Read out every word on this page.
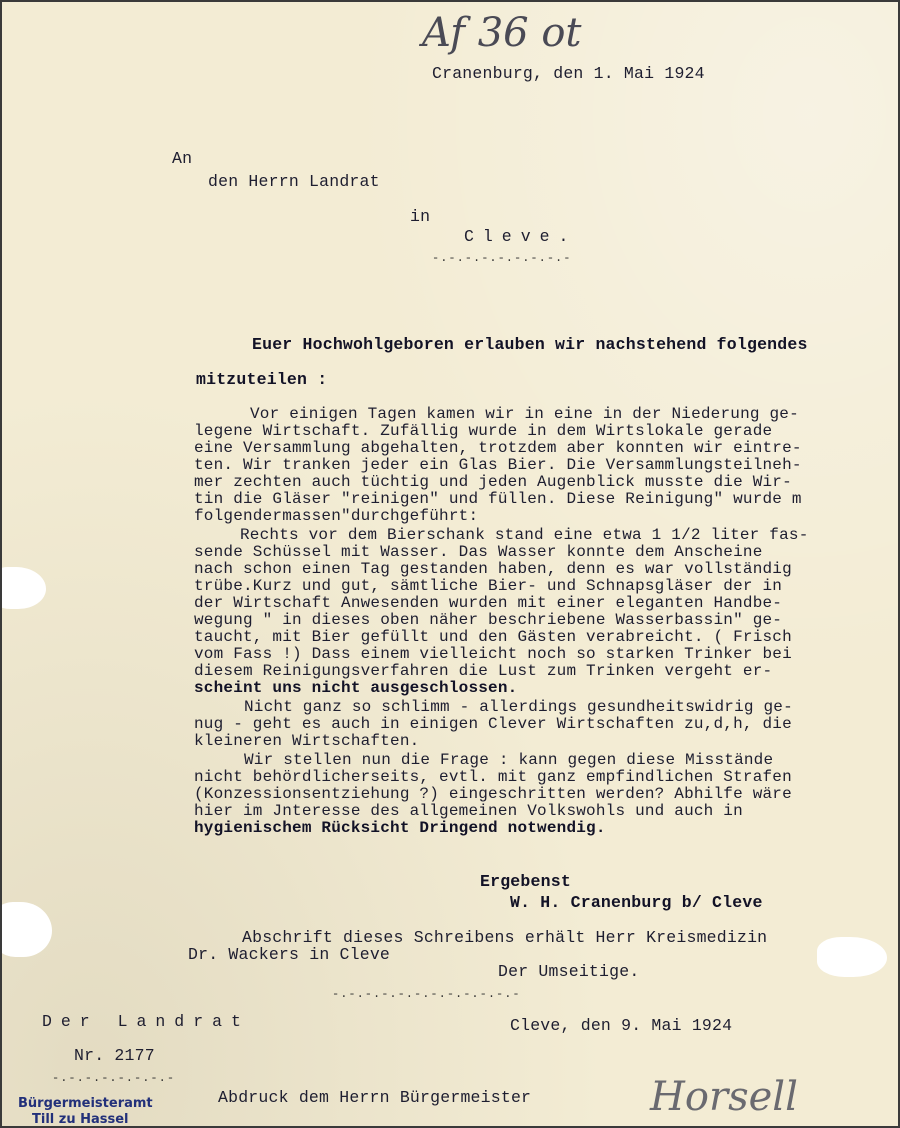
Af 36 ot
Cranenburg, den 1. Mai 1924
An
den Herrn Landrat
in
Cleve.
-.-.-.-.-.-.-.-.-
Euer Hochwohlgeboren erlauben wir nachstehend folgendes
mitzuteilen :
Vor einigen Tagen kamen wir in eine in der Niederung ge-
legene Wirtschaft. Zufällig wurde in dem Wirtslokale gerade
eine Versammlung abgehalten, trotzdem aber konnten wir eintre-
ten. Wir tranken jeder ein Glas Bier. Die Versammlungsteilneh-
mer zechten auch tüchtig und jeden Augenblick musste die Wir-
tin die Gläser "reinigen" und füllen. Diese Reinigung" wurde m
folgendermassen"durchgeführt:
Rechts vor dem Bierschank stand eine etwa 1 1/2 liter fas-
sende Schüssel mit Wasser. Das Wasser konnte dem Anscheine
nach schon einen Tag gestanden haben, denn es war vollständig
trübe.Kurz und gut, sämtliche Bier- und Schnapsgläser der in
der Wirtschaft Anwesenden wurden mit einer eleganten Handbe-
wegung " in dieses oben näher beschriebene Wasserbassin" ge-
taucht, mit Bier gefüllt und den Gästen verabreicht. ( Frisch
vom Fass !) Dass einem vielleicht noch so starken Trinker bei
diesem Reinigungsverfahren die Lust zum Trinken vergeht er-
scheint uns nicht ausgeschlossen.
Nicht ganz so schlimm - allerdings gesundheitswidrig ge-
nug - geht es auch in einigen Clever Wirtschaften zu,d,h, die
kleineren Wirtschaften.
Wir stellen nun die Frage : kann gegen diese Misstände
nicht behördlicherseits, evtl. mit ganz empfindlichen Strafen
(Konzessionsentziehung ?) eingeschritten werden? Abhilfe wäre
hier im Jnteresse des allgemeinen Volkswohls und auch in
hygienischem Rücksicht Dringend notwendig.
Ergebenst
W. H. Cranenburg b/ Cleve
Abschrift dieses Schreibens erhält Herr Kreismedizin
Dr. Wackers in Cleve
Der Umseitige.
-.-.-.-.-.-.-.-.-.-.-.-
Der Landrat
Nr. 2177
-.-.-.-.-.-.-.-
Cleve, den 9. Mai 1924
Abdruck dem Herrn Bürgermeister
Bürgermeisteramt
Till zu Hassel	Horsell
